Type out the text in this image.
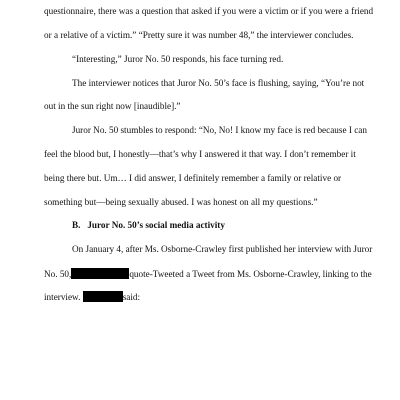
questionnaire, there was a question that asked if you were a victim or if you were a friend
or a relative of a victim.” “Pretty sure it was number 48,” the interviewer concludes.
“Interesting,” Juror No. 50 responds, his face turning red.
The interviewer notices that Juror No. 50’s face is flushing, saying, “You’re not
out in the sun right now [inaudible].”
Juror No. 50 stumbles to respond: “No, No! I know my face is red because I can
feel the blood but, I honestly—that’s why I answered it that way. I don’t remember it
being there but. Um… I did answer, I definitely remember a family or relative or
something but—being sexually abused. I was honest on all my questions.”
B.   Juror No. 50’s social media activity
On January 4, after Ms. Osborne-Crawley first published her interview with Juror
No. 50,	quote-Tweeted a Tweet from Ms. Osborne-Crawley, linking to the
interview.	said:
